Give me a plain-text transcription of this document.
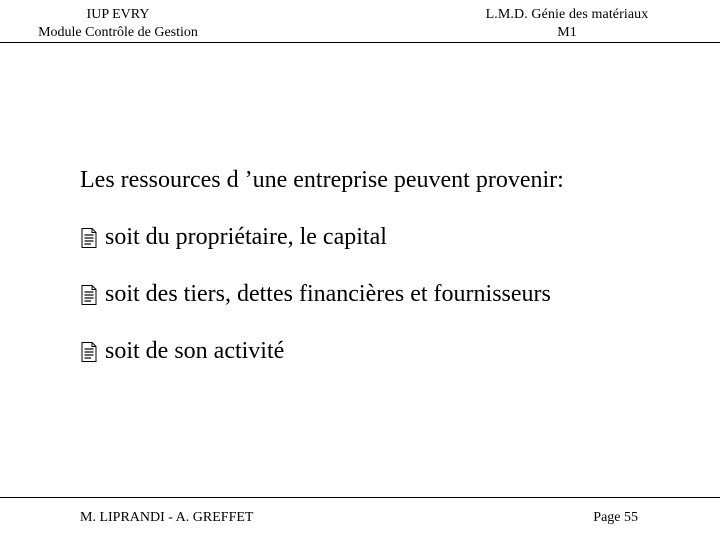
IUP EVRY
Module Contrôle de Gestion
L.M.D. Génie des matériaux
M1
Les ressources d ’une entreprise peuvent provenir:
soit du propriétaire, le capital
soit des tiers, dettes financières et fournisseurs
soit de son activité
M. LIPRANDI - A. GREFFET	Page 55
